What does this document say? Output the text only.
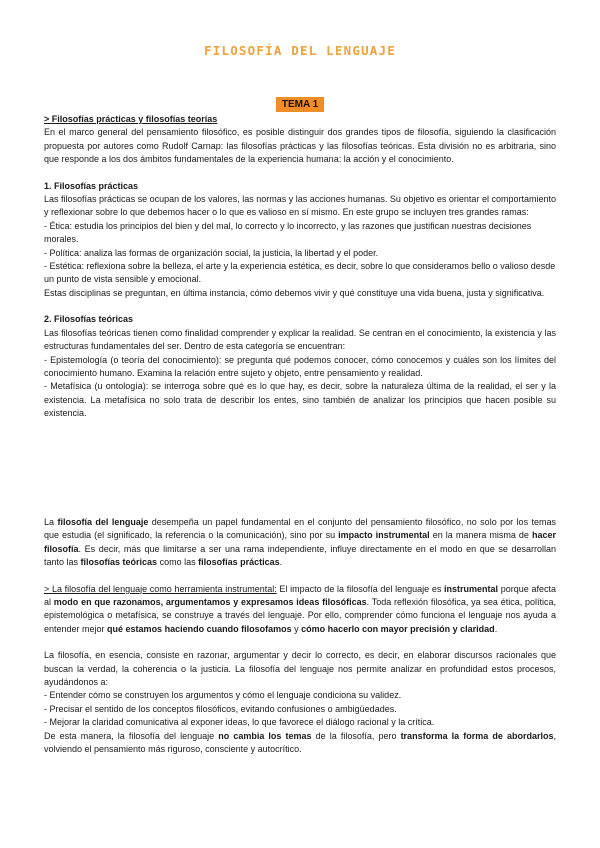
FILOSOFÍA DEL LENGUAJE
TEMA 1

> Filosofías prácticas y filosofías teorías

En el marco general del pensamiento filosófico, es posible distinguir dos grandes tipos de filosofía, siguiendo la clasificación propuesta por autores como Rudolf Carnap: las filosofías prácticas y las filosofías teóricas. Esta división no es arbitraria, sino que responde a los dos ámbitos fundamentales de la experiencia humana: la acción y el conocimiento.

1. Filosofías prácticas

Las filosofías prácticas se ocupan de los valores, las normas y las acciones humanas. Su objetivo es orientar el comportamiento y reflexionar sobre lo que debemos hacer o lo que es valioso en sí mismo. En este grupo se incluyen tres grandes ramas:

- Ética: estudia los principios del bien y del mal, lo correcto y lo incorrecto, y las razones que justifican nuestras decisiones morales.

- Política: analiza las formas de organización social, la justicia, la libertad y el poder.

- Estética: reflexiona sobre la belleza, el arte y la experiencia estética, es decir, sobre lo que consideramos bello o valioso desde un punto de vista sensible y emocional.

Estas disciplinas se preguntan, en última instancia, cómo debemos vivir y qué constituye una vida buena, justa y significativa.

2. Filosofías teóricas

Las filosofías teóricas tienen como finalidad comprender y explicar la realidad. Se centran en el conocimiento, la existencia y las estructuras fundamentales del ser. Dentro de esta categoría se encuentran:

- Epistemología (o teoría del conocimiento): se pregunta qué podemos conocer, cómo conocemos y cuáles son los límites del conocimiento humano. Examina la relación entre sujeto y objeto, entre pensamiento y realidad.

- Metafísica (u ontología): se interroga sobre qué es lo que hay, es decir, sobre la naturaleza última de la realidad, el ser y la existencia. La metafísica no solo trata de describir los entes, sino también de analizar los principios que hacen posible su existencia.

La filosofía del lenguaje desempeña un papel fundamental en el conjunto del pensamiento filosófico, no solo por los temas que estudia (el significado, la referencia o la comunicación), sino por su impacto instrumental en la manera misma de hacer filosofía. Es decir, más que limitarse a ser una rama independiente, influye directamente en el modo en que se desarrollan tanto las filosofías teóricas como las filosofías prácticas.

> La filosofía del lenguaje como herramienta instrumental: El impacto de la filosofía del lenguaje es instrumental porque afecta al modo en que razonamos, argumentamos y expresamos ideas filosóficas. Toda reflexión filosófica, ya sea ética, política, epistemológica o metafísica, se construye a través del lenguaje. Por ello, comprender cómo funciona el lenguaje nos ayuda a entender mejor qué estamos haciendo cuando filosofamos y cómo hacerlo con mayor precisión y claridad.

La filosofía, en esencia, consiste en razonar, argumentar y decir lo correcto, es decir, en elaborar discursos racionales que buscan la verdad, la coherencia o la justicia. La filosofía del lenguaje nos permite analizar en profundidad estos procesos, ayudándonos a:

- Entender cómo se construyen los argumentos y cómo el lenguaje condiciona su validez.

- Precisar el sentido de los conceptos filosóficos, evitando confusiones o ambigüedades.

- Mejorar la claridad comunicativa al exponer ideas, lo que favorece el diálogo racional y la crítica.

De esta manera, la filosofía del lenguaje no cambia los temas de la filosofía, pero transforma la forma de abordarlos, volviendo el pensamiento más riguroso, consciente y autocrítico.
